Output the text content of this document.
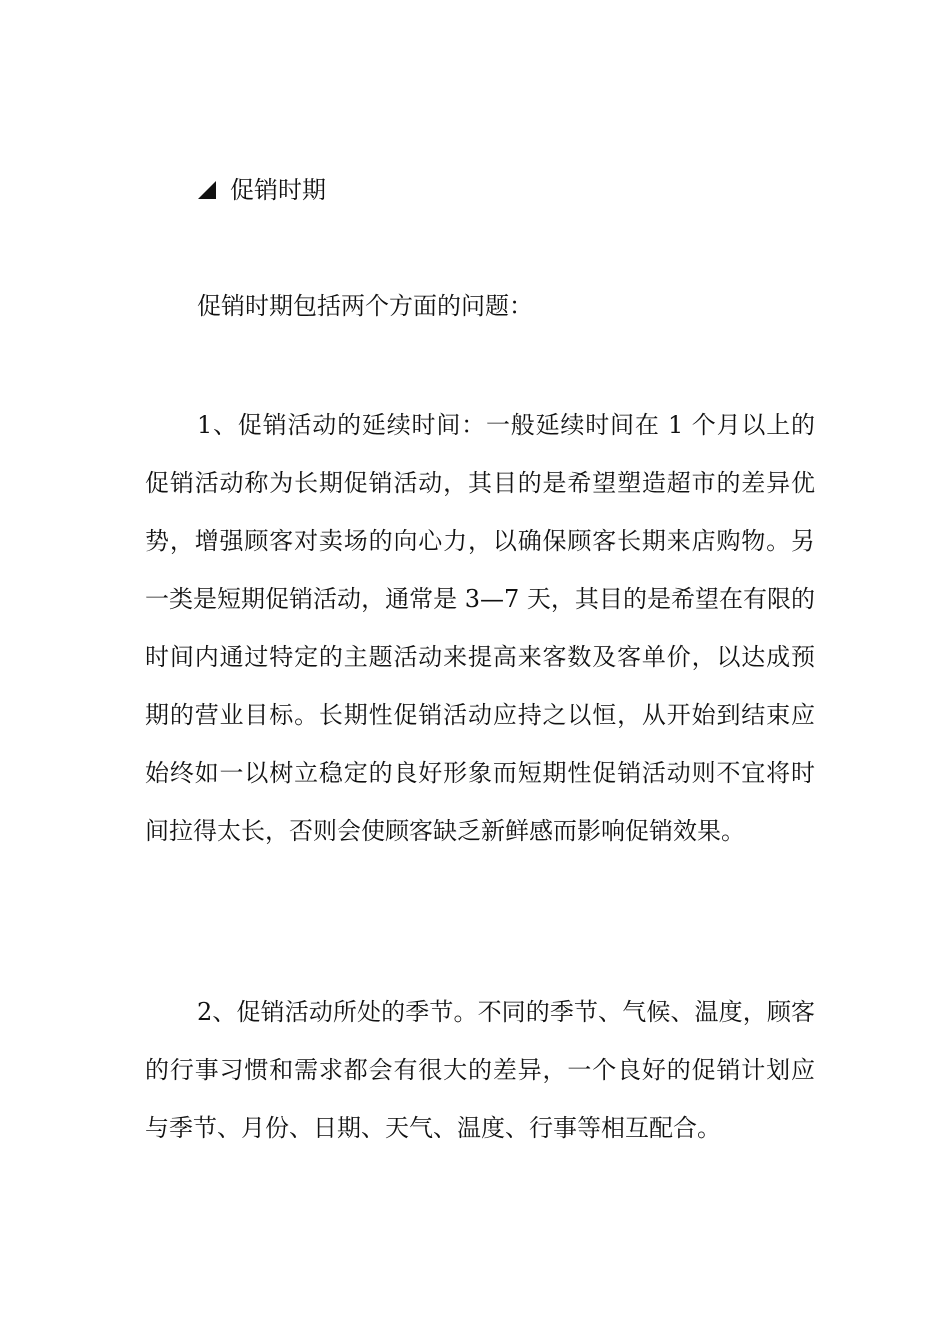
促销时期

促销时期包括两个方面的问题：

1、促销活动的延续时间：一般延续时间在 1 个月以上的促销活动称为长期促销活动，其目的是希望塑造超市的差异优势，增强顾客对卖场的向心力，以确保顾客长期来店购物。另一类是短期促销活动，通常是 3—7 天，其目的是希望在有限的时间内通过特定的主题活动来提高来客数及客单价，以达成预期的营业目标。长期性促销活动应持之以恒，从开始到结束应始终如一以树立稳定的良好形象而短期性促销活动则不宜将时间拉得太长，否则会使顾客缺乏新鲜感而影响促销效果。

2、促销活动所处的季节。不同的季节、气候、温度，顾客的行事习惯和需求都会有很大的差异，一个良好的促销计划应与季节、月份、日期、天气、温度、行事等相互配合。
